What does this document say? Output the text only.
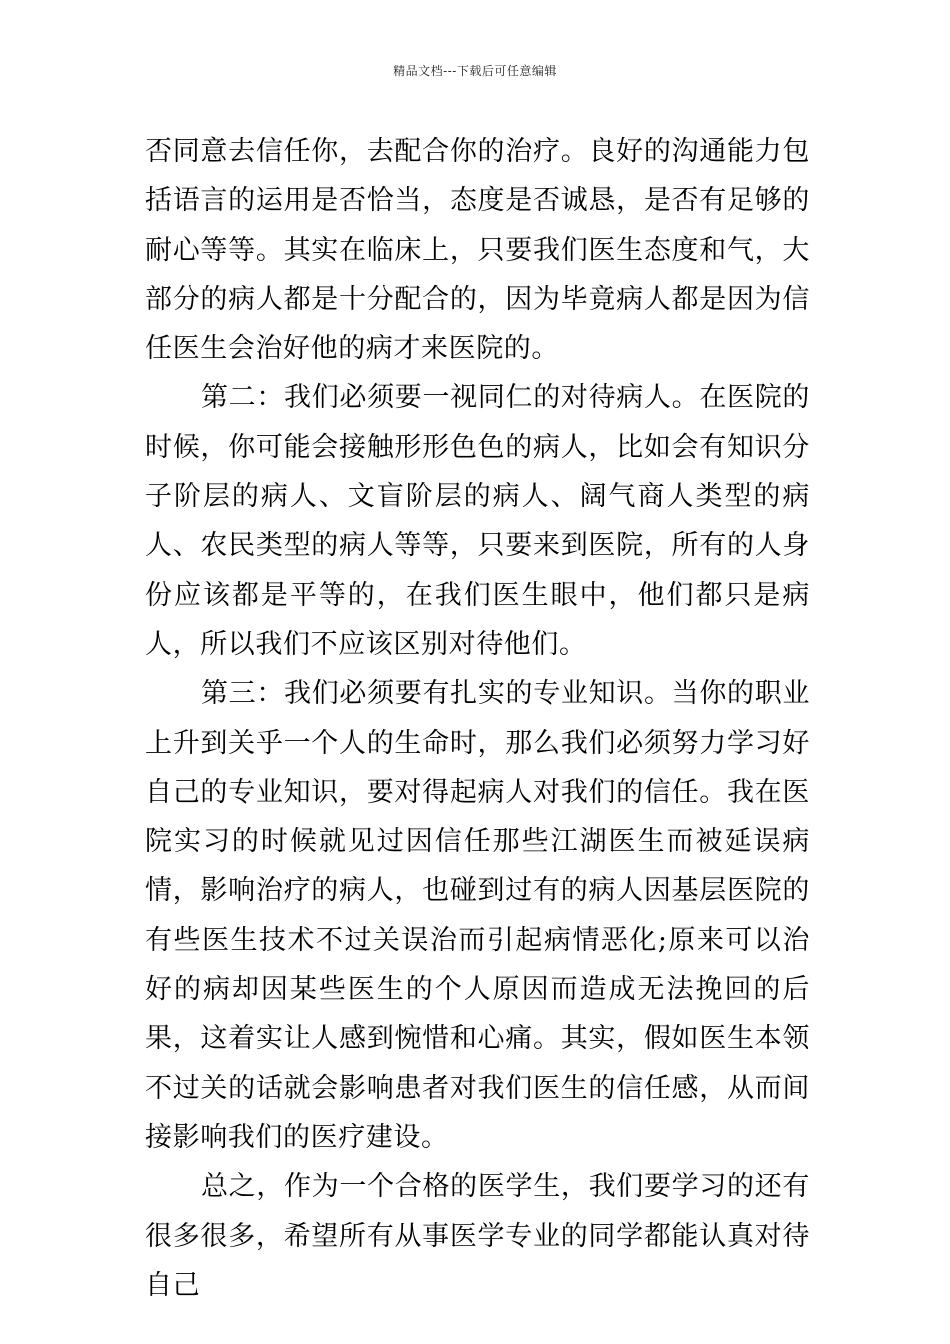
精品文档---下载后可任意编辑

否同意去信任你，去配合你的治疗。良好的沟通能力包括语言的运用是否恰当，态度是否诚恳，是否有足够的耐心等等。其实在临床上，只要我们医生态度和气，大部分的病人都是十分配合的，因为毕竟病人都是因为信任医生会治好他的病才来医院的。

第二：我们必须要一视同仁的对待病人。在医院的时候，你可能会接触形形色色的病人，比如会有知识分子阶层的病人、文盲阶层的病人、阔气商人类型的病人、农民类型的病人等等，只要来到医院，所有的人身份应该都是平等的，在我们医生眼中，他们都只是病人，所以我们不应该区别对待他们。

第三：我们必须要有扎实的专业知识。当你的职业上升到关乎一个人的生命时，那么我们必须努力学习好自己的专业知识，要对得起病人对我们的信任。我在医院实习的时候就见过因信任那些江湖医生而被延误病情，影响治疗的病人，也碰到过有的病人因基层医院的有些医生技术不过关误治而引起病情恶化;原来可以治好的病却因某些医生的个人原因而造成无法挽回的后果，这着实让人感到惋惜和心痛。其实，假如医生本领不过关的话就会影响患者对我们医生的信任感，从而间接影响我们的医疗建设。

总之，作为一个合格的医学生，我们要学习的还有很多很多，希望所有从事医学专业的同学都能认真对待自己
